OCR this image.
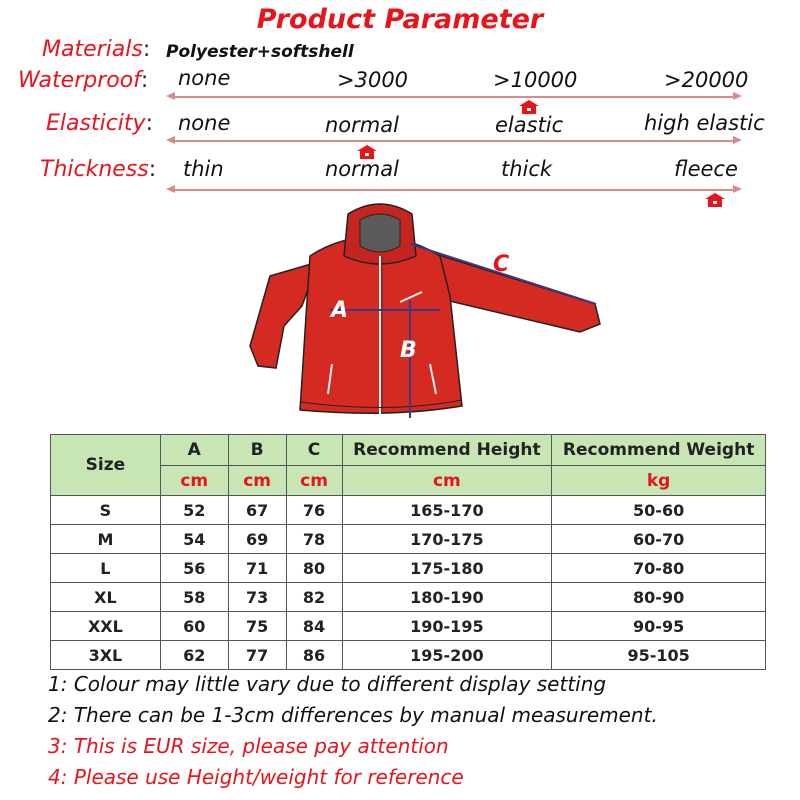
Product Parameter
Materials: Polyester+softshell
Waterproof: none	>3000	>10000	>20000
Elasticity: none	normal	elastic	high elastic
Thickness: thin	normal	thick	fleece
A
B
C
Size	A	B	C	Recommend Height	Recommend Weight
	cm	cm	cm	cm	kg
S	52	67	76	165-170	50-60
M	54	69	78	170-175	60-70
L	56	71	80	175-180	70-80
XL	58	73	82	180-190	80-90
XXL	60	75	84	190-195	90-95
3XL	62	77	86	195-200	95-105
1: Colour may little vary due to different display setting
2: There can be 1-3cm differences by manual measurement.
3: This is EUR size, please pay attention
4: Please use Height/weight for reference
